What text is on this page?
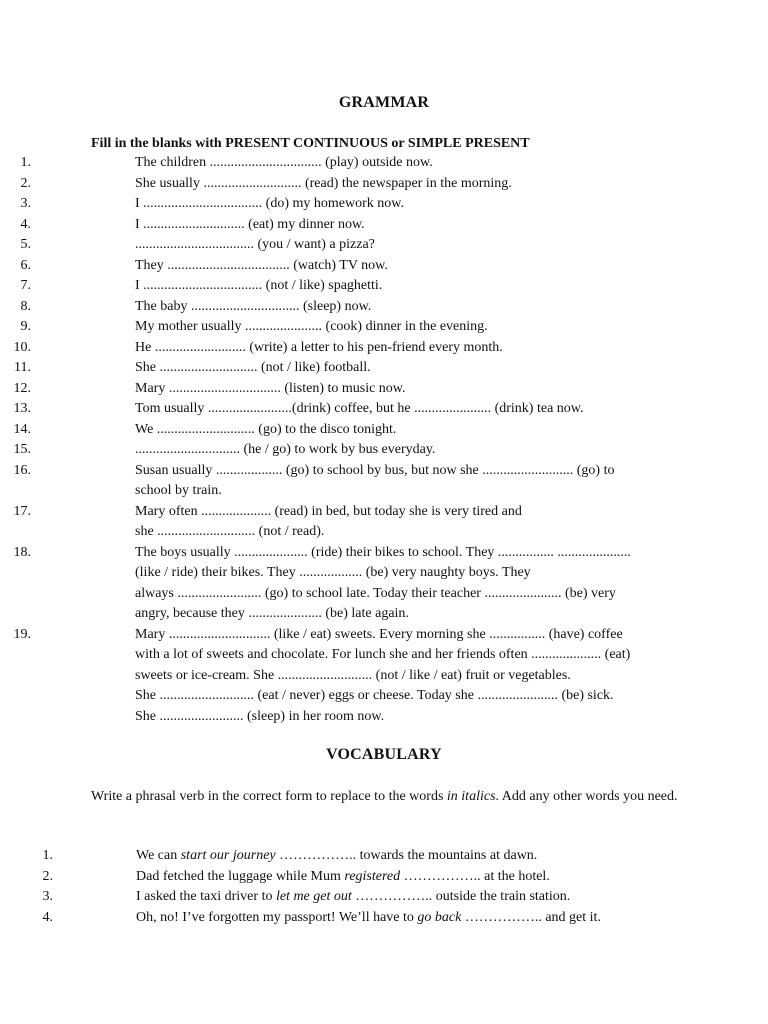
GRAMMAR
Fill in the blanks with PRESENT CONTINUOUS or SIMPLE PRESENT
1.	The children ................................ (play) outside now.
2.	She usually ............................ (read) the newspaper in the morning.
3.	I .................................. (do) my homework now.
4.	I ............................. (eat) my dinner now.
5.	.................................. (you / want) a pizza?
6.	They ................................... (watch) TV now.
7.	I .................................. (not / like) spaghetti.
8.	The baby ............................... (sleep) now.
9.	My mother usually ...................... (cook) dinner in the evening.
10.	He .......................... (write) a letter to his pen-friend every month.
11.	She ............................ (not / like) football.
12.	Mary ................................ (listen) to music now.
13.	Tom usually ........................(drink) coffee, but he ...................... (drink) tea now.
14.	We ............................ (go) to the disco tonight.
15.	.............................. (he / go) to work by bus everyday.
16.	Susan usually ................... (go) to school by bus, but now she .......................... (go) to
school by train.
17.	Mary often .................... (read) in bed, but today she is very tired and
she ............................ (not / read).
18.	The boys usually ..................... (ride) their bikes to school. They ................ .....................
(like / ride) their bikes. They .................. (be) very naughty boys. They
always ........................ (go) to school late. Today their teacher ...................... (be) very
angry, because they ..................... (be) late again.
19.	Mary ............................. (like / eat) sweets. Every morning she ................ (have) coffee
with a lot of sweets and chocolate. For lunch she and her friends often .................... (eat)
sweets or ice-cream. She ........................... (not / like / eat) fruit or vegetables.
She ........................... (eat / never) eggs or cheese. Today she ....................... (be) sick.
She ........................ (sleep) in her room now.
VOCABULARY
Write a phrasal verb in the correct form to replace to the words in italics. Add any other words you need.
1.	We can start our journey …………….. towards the mountains at dawn.
2.	Dad fetched the luggage while Mum registered …………….. at the hotel.
3.	I asked the taxi driver to let me get out …………….. outside the train station.
4.	Oh, no! I’ve forgotten my passport! We’ll have to go back …………….. and get it.
